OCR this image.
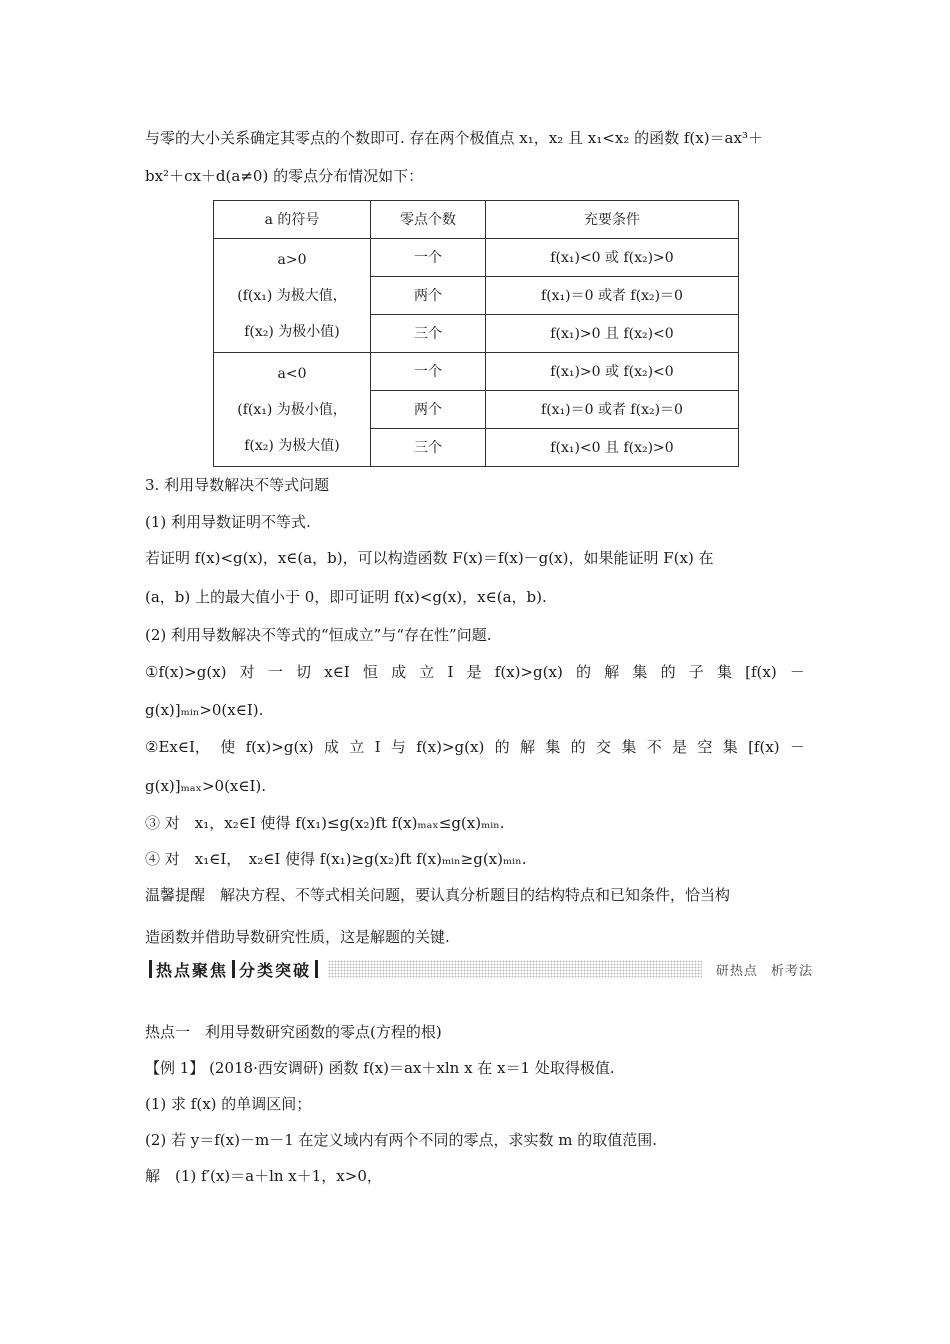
与零的大小关系确定其零点的个数即可. 存在两个极值点 x₁，x₂ 且 x₁<x₂ 的函数 f(x)＝ax³＋
bx²＋cx＋d(a≠0) 的零点分布情况如下：
a 的符号	零点个数	充要条件

a>0
(f(x₁) 为极大值，
f(x₂) 为极小值)	一个	f(x₁)<0 或 f(x₂)>0
	两个	f(x₁)＝0 或者 f(x₂)＝0
	三个	f(x₁)>0 且 f(x₂)<0

a<0
(f(x₁) 为极小值，
f(x₂) 为极大值)	一个	f(x₁)>0 或 f(x₂)<0
	两个	f(x₁)＝0 或者 f(x₂)＝0
	三个	f(x₁)<0 且 f(x₂)>0
3. 利用导数解决不等式问题
(1) 利用导数证明不等式.
若证明 f(x)<g(x)，x∈(a，b)，可以构造函数 F(x)＝f(x)－g(x)，如果能证明 F(x) 在
(a，b) 上的最大值小于 0，即可证明 f(x)<g(x)，x∈(a，b).
(2) 利用导数解决不等式的“恒成立”与“存在性”问题.
①f(x)>g(x) 对 一 切 x∈I 恒 成 立 I 是 f(x)>g(x) 的 解 集 的 子 集 [f(x) －
g(x)]ₘᵢₙ>0(x∈I).
②Ex∈I， 使 f(x)>g(x) 成 立 I 与 f(x)>g(x) 的 解 集 的 交 集 不 是 空 集 [f(x) －
g(x)]ₘₐₓ>0(x∈I).
③ 对　x₁，x₂∈I 使得 f(x₁)≤g(x₂)ft f(x)ₘₐₓ≤g(x)ₘᵢₙ.
④ 对　x₁∈I，　x₂∈I 使得 f(x₁)≥g(x₂)ft f(x)ₘᵢₙ≥g(x)ₘᵢₙ.
温馨提醒　解决方程、不等式相关问题，要认真分析题目的结构特点和已知条件，恰当构
造函数并借助导数研究性质，这是解题的关键.
热点聚焦 分类突破	研热点 析考法
热点一　利用导数研究函数的零点(方程的根)
【例 1】 (2018·西安调研) 函数 f(x)＝ax＋xln x 在 x＝1 处取得极值.
(1) 求 f(x) 的单调区间；
(2) 若 y＝f(x)－m－1 在定义域内有两个不同的零点，求实数 m 的取值范围.
解　(1) f′(x)＝a＋ln x＋1，x>0，
